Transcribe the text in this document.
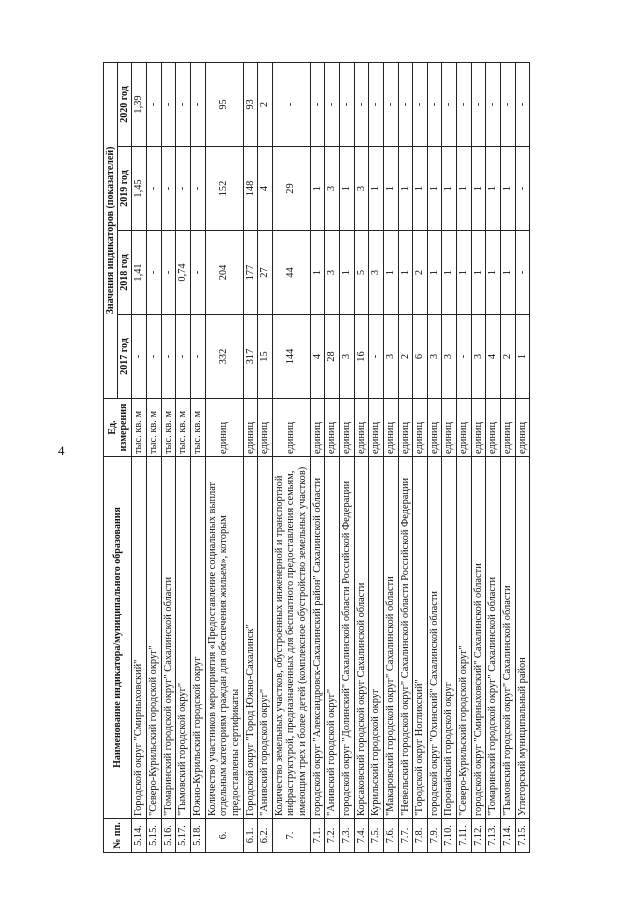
4
№ пп.	Наименование индикатора/муниципального образования	Ед. измерения	Значения индикаторов (показателей)			
			2017 год	2018 год	2019 год	2020 год
5.14.	Городской округ "Смирныховский"	тыс. кв. м	-	1,41	1,45	1,39
5.15.	"Северо-Курильский городской округ"	тыс. кв. м	-	-	-	-
5.16.	"Томаринский городской округ" Сахалинской области	тыс. кв. м	-	-	-	-
5.17.	"Тымовский городской округ"	тыс. кв. м	-	0,74	-	-
5.18.	Южно-Курильский городской округ	тыс. кв. м	-	-	-	-
6.	Количество участников мероприятия «Предоставление социальных выплат отдельным категориям граждан для обеспечения жильем», которым предоставлены сертификаты	единиц	332	204	152	95
6.1.	Городской округ "Город Южно-Сахалинск"	единиц	317	177	148	93
6.2.	"Анивский городской округ"	единиц	15	27	4	2
7.	Количество земельных участков, обустроенных инженерной и транспортной инфраструктурой, предназначенных для бесплатного предоставления семьям, имеющим трех и более детей (комплексное обустройство земельных участков)	единиц	144	44	29	-
7.1.	городской округ "Александровск-Сахалинский район" Сахалинской области	единиц	4	1	1	-
7.2.	"Анивский городской округ"	единиц	28	3	3	-
7.3.	городской округ "Долинский" Сахалинской области Российской Федерации	единиц	3	1	1	-
7.4.	Корсаковский городской округ Сахалинской области	единиц	16	5	3	-
7.5.	Курильский городской округ	единиц	-	3	1	-
7.6.	"Макаровский городской округ" Сахалинской области	единиц	3	1	1	-
7.7.	"Невельский городской округ" Сахалинской области Российской Федерации	единиц	2	1	1	-
7.8.	"Городской округ Ногликский"	единиц	6	2	1	-
7.9.	городской округ "Охинский" Сахалинской области	единиц	3	1	1	-
7.10.	Поронайский городской округ	единиц	3	1	1	-
7.11.	"Северо-Курильский городской округ"	единиц	-	1	1	-
7.12.	городской округ "Смирныховский" Сахалинской области	единиц	3	1	1	-
7.13.	"Томаринский городской округ" Сахалинской области	единиц	4	1	1	-
7.14.	"Тымовский городской округ" Сахалинской области	единиц	2	1	1	-
7.15.	Углегорский муниципальный район	единиц	1	-	-	-
